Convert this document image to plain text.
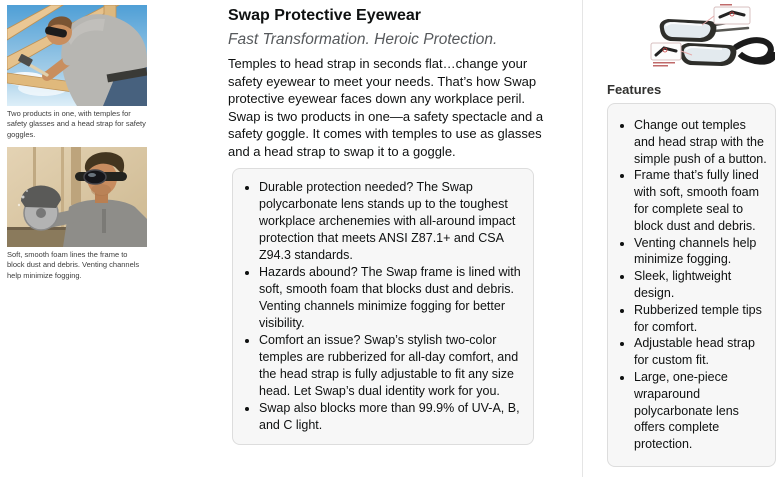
Two products in one, with temples for safety glasses and a head strap for safety goggles.
Soft, smooth foam lines the frame to block dust and debris. Venting channels help minimize fogging.
Swap Protective Eyewear
Fast Transformation. Heroic Protection.

Temples to head strap in seconds flat…change your safety eyewear to meet your needs. That’s how Swap protective eyewear faces down any workplace peril. Swap is two products in one—a safety spectacle and a safety goggle. It comes with temples to use as glasses and a head strap to swap it to a goggle.

• Durable protection needed? The Swap polycarbonate lens stands up to the toughest workplace archenemies with all-around impact protection that meets ANSI Z87.1+ and CSA Z94.3 standards.
• Hazards abound? The Swap frame is lined with soft, smooth foam that blocks dust and debris. Venting channels minimize fogging for better visibility.
• Comfort an issue? Swap’s stylish two-color temples are rubberized for all-day comfort, and the head strap is fully adjustable to fit any size head. Let Swap’s dual identity work for you.
• Swap also blocks more than 99.9% of UV-A, B, and C light.
Features
• Change out temples and head strap with the simple push of a button.
• Frame that’s fully lined with soft, smooth foam for complete seal to block dust and debris.
• Venting channels help minimize fogging.
• Sleek, lightweight design.
• Rubberized temple tips for comfort.
• Adjustable head strap for custom fit.
• Large, one-piece wraparound polycarbonate lens offers complete protection.
